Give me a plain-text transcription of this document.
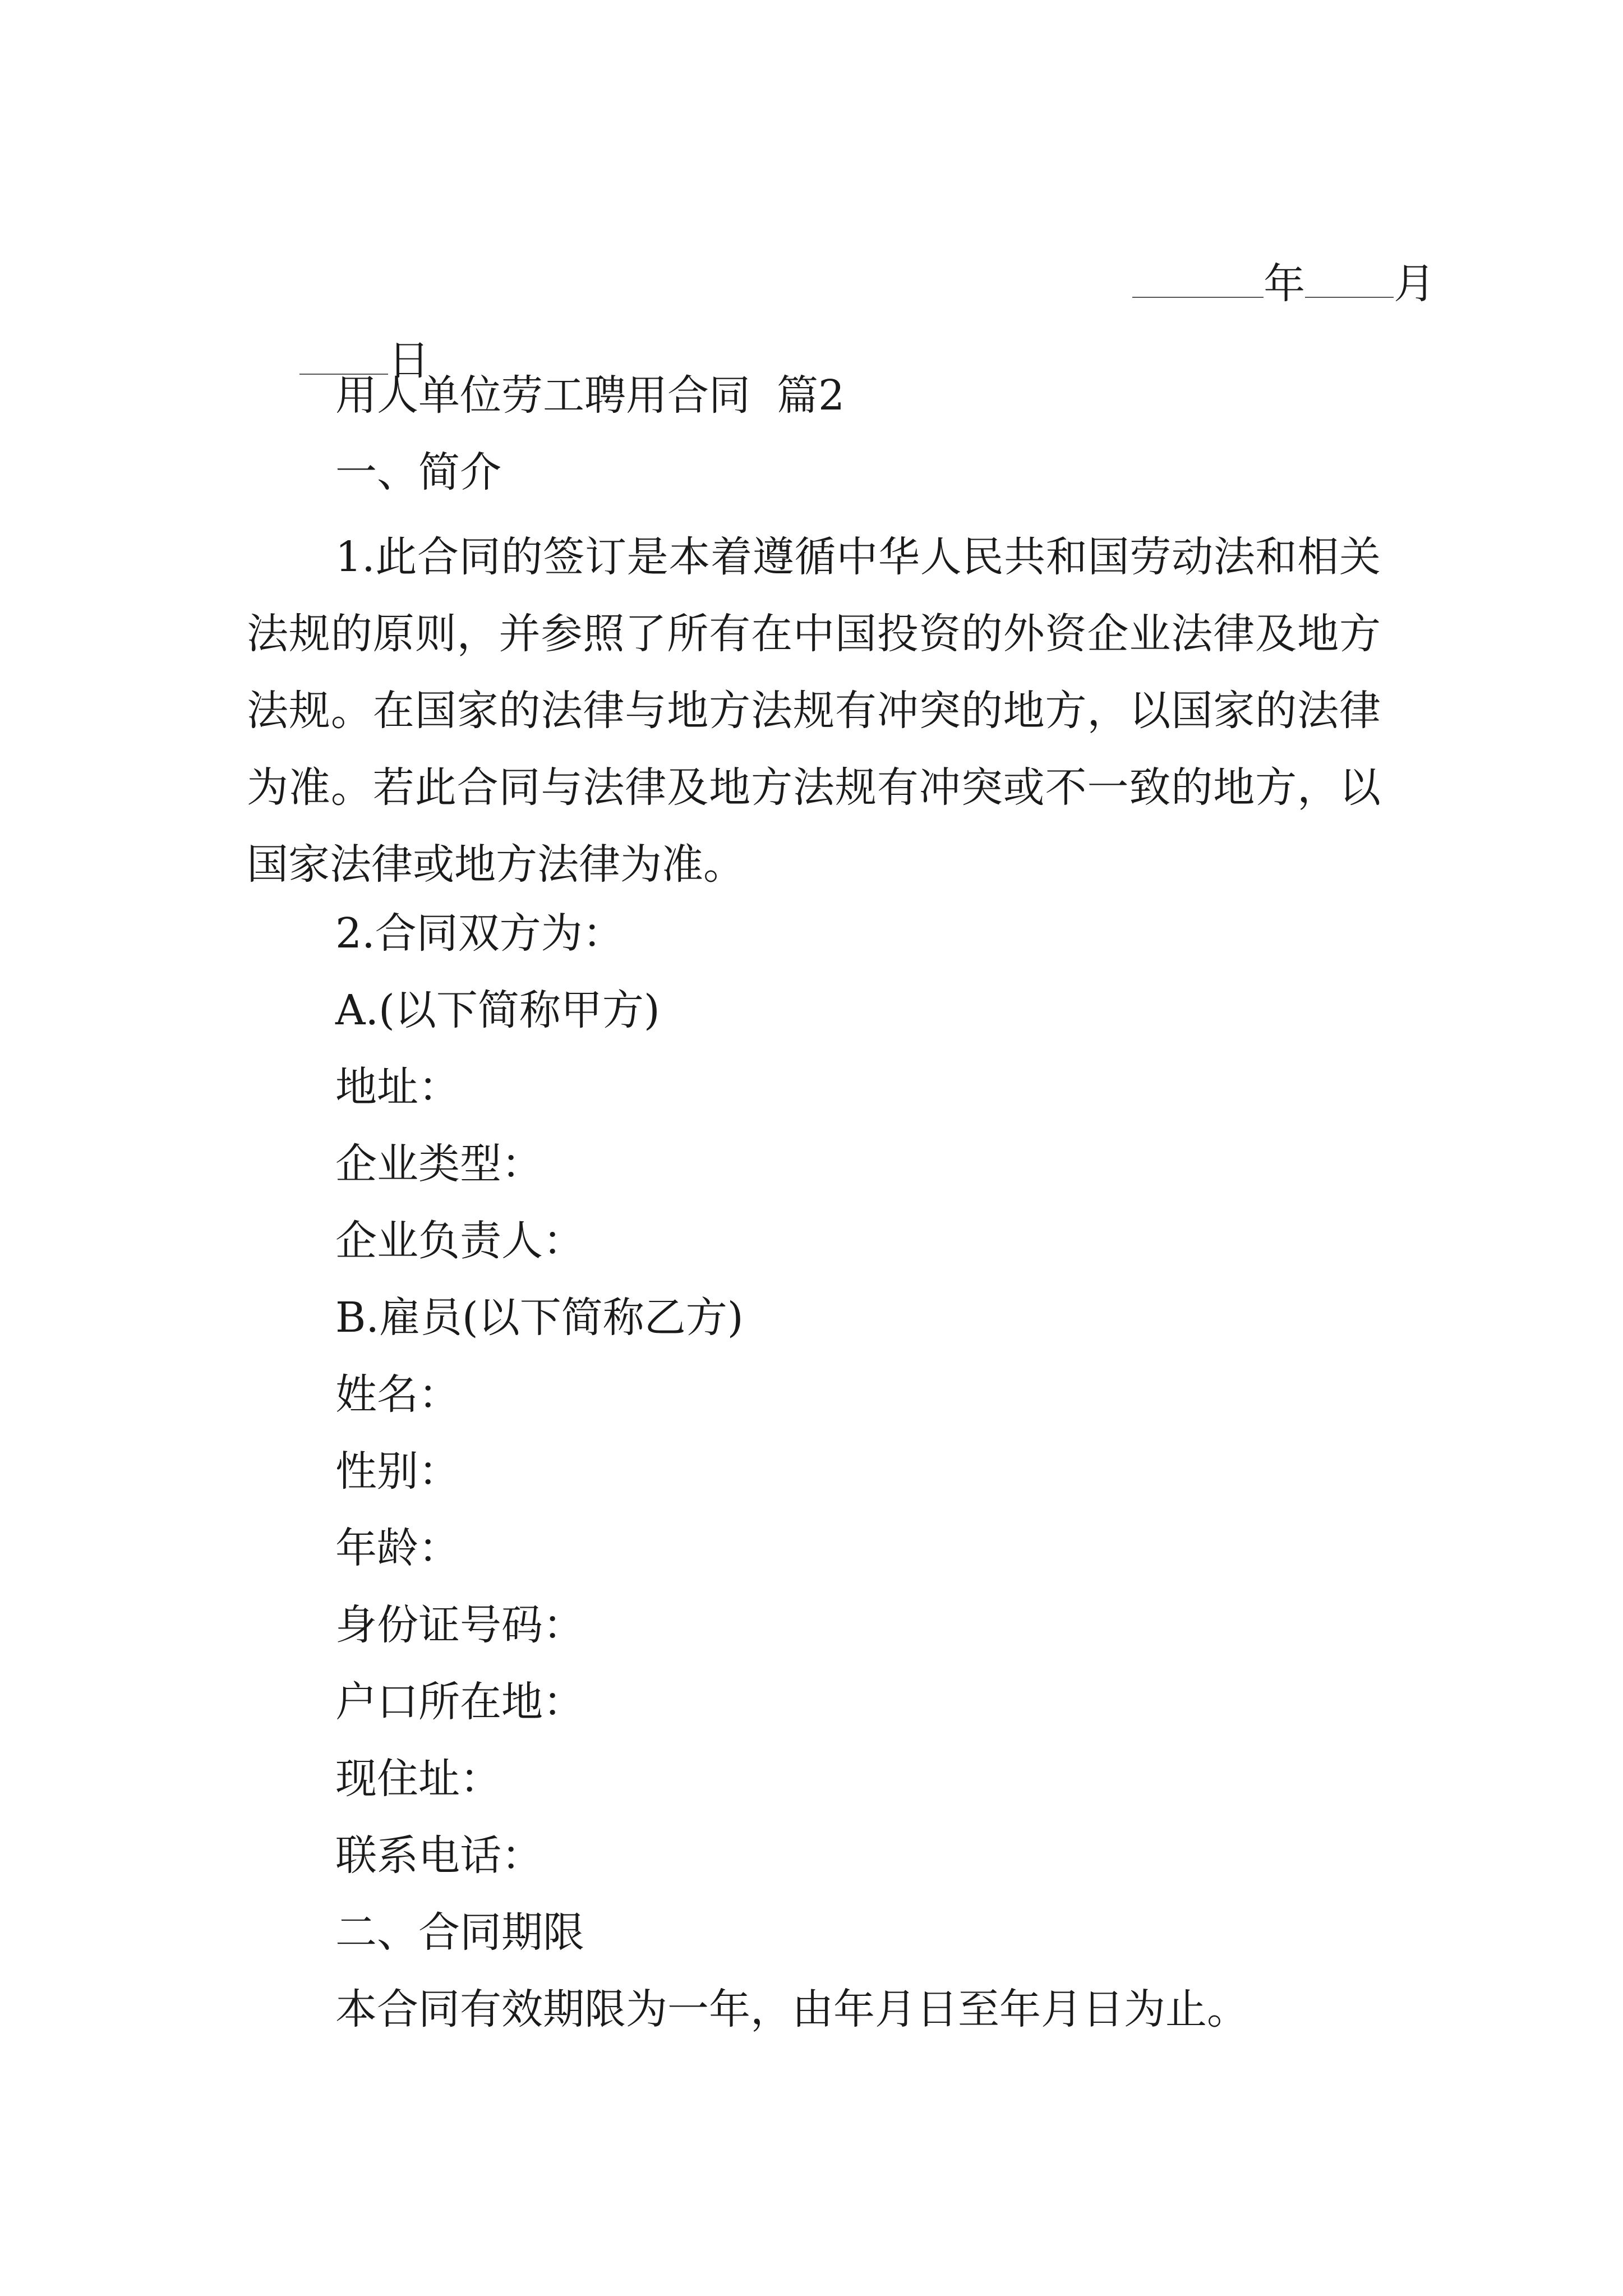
年 月

日

用人单位劳工聘用合同  篇2
一、简介
1.此合同的签订是本着遵循中华人民共和国劳动法和相关法规的原则，并参照了所有在中国投资的外资企业法律及地方法规。在国家的法律与地方法规有冲突的地方，以国家的法律为准。若此合同与法律及地方法规有冲突或不一致的地方，以国家法律或地方法律为准。
2.合同双方为：
A.(以下简称甲方)
地址：
企业类型：
企业负责人：
B.雇员(以下简称乙方)
姓名：
性别：
年龄：
身份证号码：
户口所在地：
现住址：
联系电话：
二、合同期限
本合同有效期限为一年，由年月日至年月日为止。
